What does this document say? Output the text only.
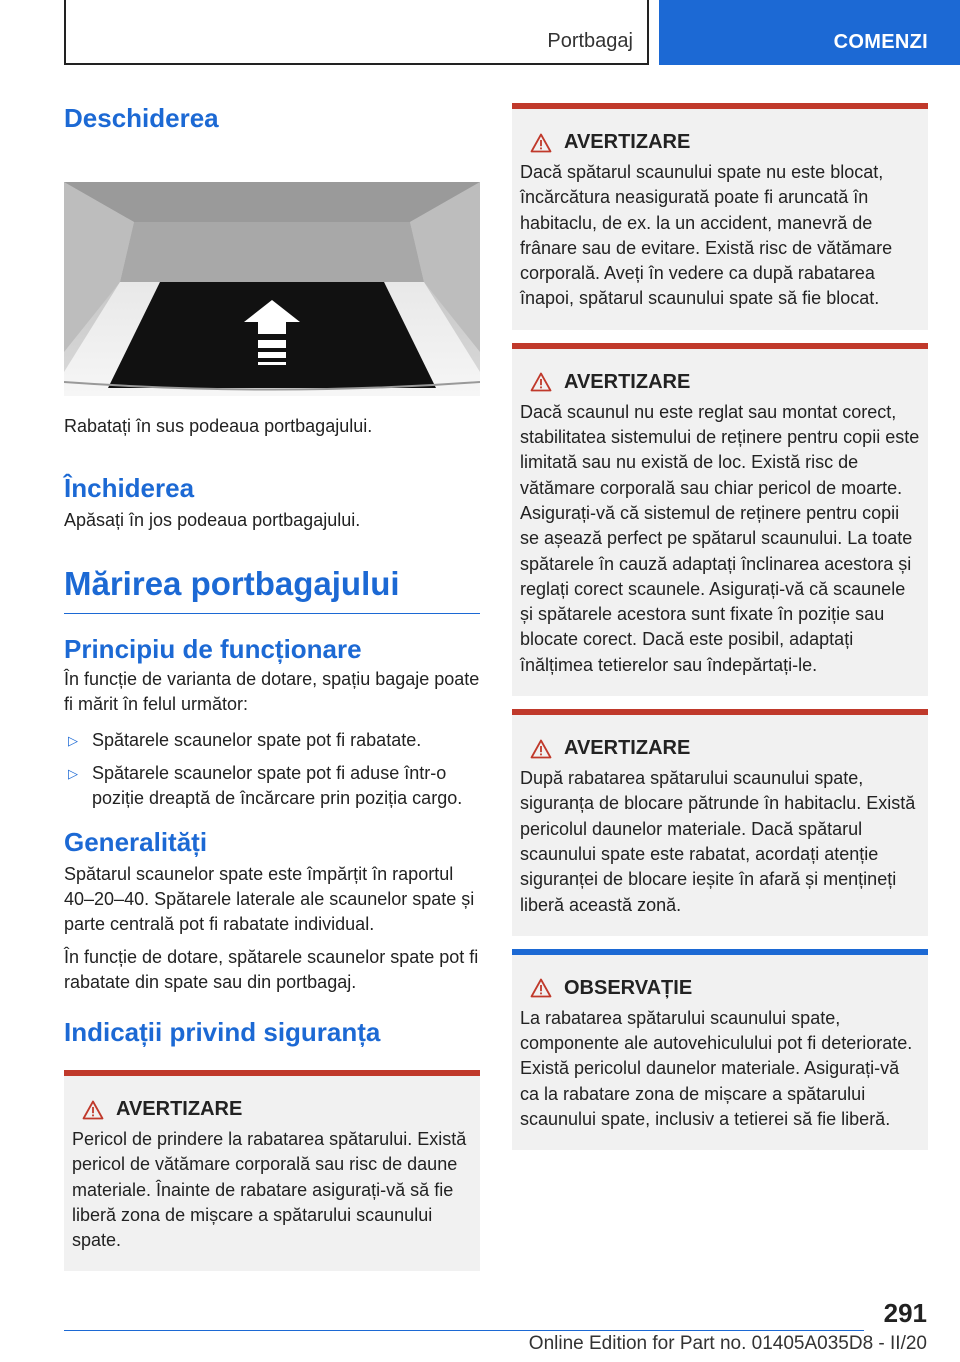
Portbagaj	COMENZI
Deschiderea

Rabatați în sus podeaua portbagajului.

Închiderea

Apăsați în jos podeaua portbagajului.

Mărirea portbagajului
Principiu de funcționare

În funcție de varianta de dotare, spațiu bagaje poate fi mărit în felul următor:

▷ Spătarele scaunelor spate pot fi rabatate.
▷ Spătarele scaunelor spate pot fi aduse într-o poziție dreaptă de încărcare prin poziția cargo.
Generalități

Spătarul scaunelor spate este împărțit în raportul 40–20–40. Spătarele laterale ale scaunelor spate și parte centrală pot fi rabatate individual.

În funcție de dotare, spătarele scaunelor spate pot fi rabatate din spate sau din portbagaj.

Indicații privind siguranța
AVERTIZARE

Pericol de prindere la rabatarea spătarului. Există pericol de vătămare corporală sau risc de daune materiale. Înainte de rabatare asigurați-vă să fie liberă zona de mișcare a spătarului scaunului spate.

AVERTIZARE

Dacă spătarul scaunului spate nu este blocat, încărcătura neasigurată poate fi aruncată în habitaclu, de ex. la un accident, manevră de frânare sau de evitare. Există risc de vătămare corporală. Aveți în vedere ca după rabatarea înapoi, spătarul scaunului spate să fie blocat.

AVERTIZARE

Dacă scaunul nu este reglat sau montat corect, stabilitatea sistemului de reținere pentru copii este limitată sau nu există de loc. Există risc de vătămare corporală sau chiar pericol de moarte. Asigurați-vă că sistemul de reținere pentru copii se așează perfect pe spătarul scaunului. La toate spătarele în cauză adaptați înclinarea acestora și reglați corect scaunele. Asigurați-vă că scaunele și spătarele acestora sunt fixate în poziție sau blocate corect. Dacă este posibil, adaptați înălțimea tetierelor sau îndepărtați-le.

AVERTIZARE

După rabatarea spătarului scaunului spate, siguranța de blocare pătrunde în habitaclu. Există pericolul daunelor materiale. Dacă spătarul scaunului spate este rabatat, acordați atenție siguranței de blocare ieșite în afară și mențineți liberă această zonă.

OBSERVAȚIE

La rabatarea spătarului scaunului spate, componente ale autovehiculului pot fi deteriorate. Există pericolul daunelor materiale. Asigurați-vă ca la rabatare zona de mișcare a spătarului scaunului spate, inclusiv a tetierei să fie liberă.

291
Online Edition for Part no. 01405A035D8 - II/20
